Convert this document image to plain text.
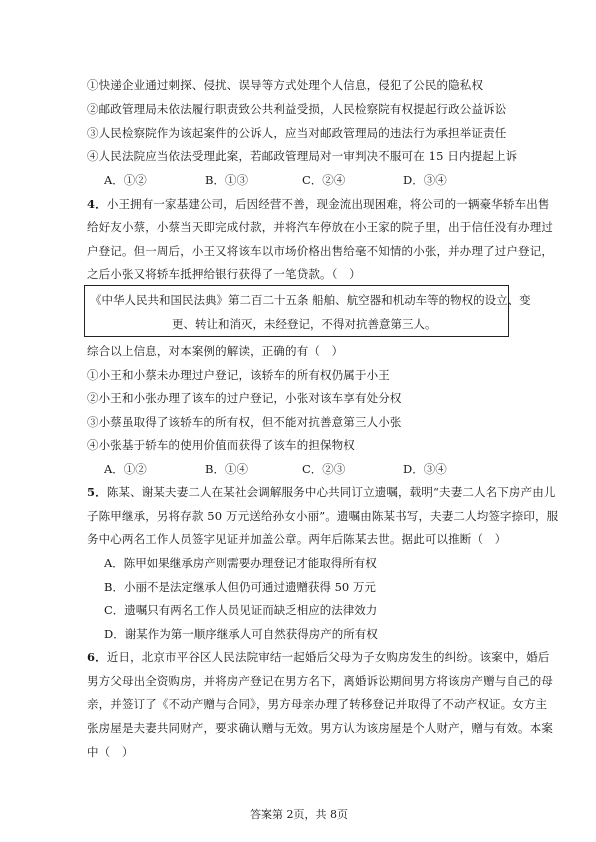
①快递企业通过刺探、侵扰、误导等方式处理个人信息，侵犯了公民的隐私权
②邮政管理局未依法履行职责致公共利益受损，人民检察院有权提起行政公益诉讼
③人民检察院作为该起案件的公诉人，应当对邮政管理局的违法行为承担举证责任
④人民法院应当依法受理此案，若邮政管理局对一审判决不服可在 15 日内提起上诉
A．①②	B．①③	C．②④	D．③④
4．小王拥有一家基建公司，后因经营不善，现金流出现困难，将公司的一辆豪华轿车出售
给好友小蔡，小蔡当天即完成付款，并将汽车停放在小王家的院子里，出于信任没有办理过
户登记。但一周后，小王又将该车以市场价格出售给毫不知情的小张，并办理了过户登记，
之后小张又将轿车抵押给银行获得了一笔贷款。（　）
《中华人民共和国民法典》第二百二十五条 船舶、航空器和机动车等的物权的设立、变
更、转让和消灭，未经登记，不得对抗善意第三人。
综合以上信息，对本案例的解读，正确的有（　）
①小王和小蔡未办理过户登记，该轿车的所有权仍属于小王
②小王和小张办理了该车的过户登记，小张对该车享有处分权
③小蔡虽取得了该轿车的所有权，但不能对抗善意第三人小张
④小张基于轿车的使用价值而获得了该车的担保物权
A．①②	B．①④	C．②③	D．③④
5．陈某、谢某夫妻二人在某社会调解服务中心共同订立遗嘱，载明“夫妻二人名下房产由儿
子陈甲继承，另将存款 50 万元送给孙女小丽”。遗嘱由陈某书写，夫妻二人均签字捺印，服
务中心两名工作人员签字见证并加盖公章。两年后陈某去世。据此可以推断（　）
A．陈甲如果继承房产则需要办理登记才能取得所有权
B．小丽不是法定继承人但仍可通过遗赠获得 50 万元
C．遗嘱只有两名工作人员见证而缺乏相应的法律效力
D．谢某作为第一顺序继承人可自然获得房产的所有权
6．近日，北京市平谷区人民法院审结一起婚后父母为子女购房发生的纠纷。该案中，婚后
男方父母出全资购房，并将房产登记在男方名下，离婚诉讼期间男方将该房产赠与自己的母
亲，并签订了《不动产赠与合同》，男方母亲办理了转移登记并取得了不动产权证。女方主
张房屋是夫妻共同财产，要求确认赠与无效。男方认为该房屋是个人财产，赠与有效。本案
中（　）
答案第 2页，共 8页
